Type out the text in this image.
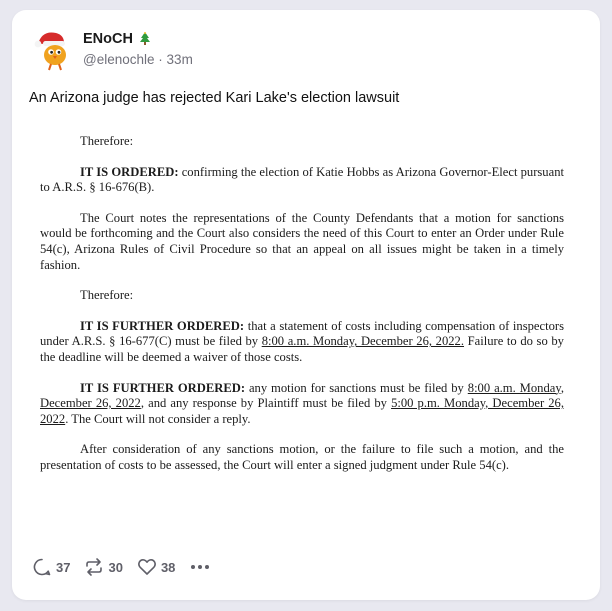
ENoCH
@elenochle · 33m
An Arizona judge has rejected Kari Lake's election lawsuit

Therefore:

IT IS ORDERED: confirming the election of Katie Hobbs as Arizona Governor-Elect pursuant to A.R.S. § 16-676(B).

The Court notes the representations of the County Defendants that a motion for sanctions would be forthcoming and the Court also considers the need of this Court to enter an Order under Rule 54(c), Arizona Rules of Civil Procedure so that an appeal on all issues might be taken in a timely fashion.

Therefore:

IT IS FURTHER ORDERED: that a statement of costs including compensation of inspectors under A.R.S. § 16-677(C) must be filed by 8:00 a.m. Monday, December 26, 2022. Failure to do so by the deadline will be deemed a waiver of those costs.

IT IS FURTHER ORDERED: any motion for sanctions must be filed by 8:00 a.m. Monday, December 26, 2022, and any response by Plaintiff must be filed by 5:00 p.m. Monday, December 26, 2022. The Court will not consider a reply.

After consideration of any sanctions motion, or the failure to file such a motion, and the presentation of costs to be assessed, the Court will enter a signed judgment under Rule 54(c).

37	30	38
